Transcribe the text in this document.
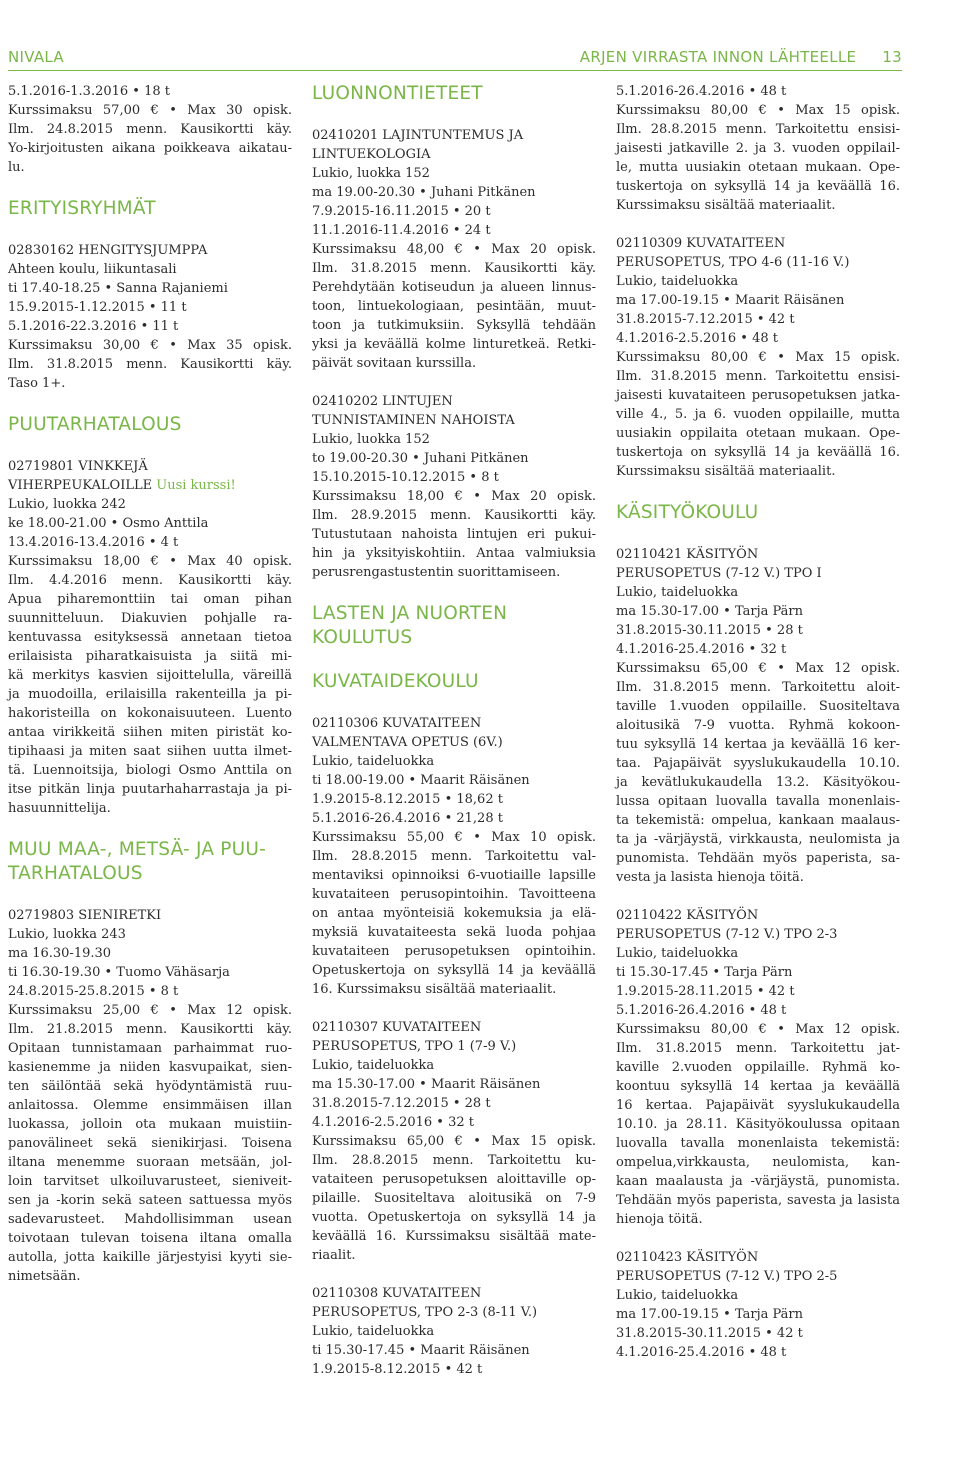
NIVALA	ARJEN VIRRASTA INNON LÄHTEELLE 13
5.1.2016-1.3.2016 • 18 t
Kurssimaksu 57,00 € • Max 30 opisk.
Ilm. 24.8.2015 menn. Kausikortti käy.
Yo-kirjoitusten aikana poikkeava aikatau-
lu.
ERITYISRYHMÄT
02830162 HENGITYSJUMPPA
Ahteen koulu, liikuntasali
ti 17.40-18.25 • Sanna Rajaniemi
15.9.2015-1.12.2015 • 11 t
5.1.2016-22.3.2016 • 11 t
Kurssimaksu 30,00 € • Max 35 opisk.
Ilm. 31.8.2015 menn. Kausikortti käy.
Taso 1+.
PUUTARHATALOUS
02719801 VINKKEJÄ
VIHERPEUKALOILLE Uusi kurssi!
Lukio, luokka 242
ke 18.00-21.00 • Osmo Anttila
13.4.2016-13.4.2016 • 4 t
Kurssimaksu 18,00 € • Max 40 opisk.
Ilm. 4.4.2016 menn. Kausikortti käy.
Apua piharemonttiin tai oman pihan
suunnitteluun. Diakuvien pohjalle ra-
kentuvassa esityksessä annetaan tietoa
erilaisista piharatkaisuista ja siitä mi-
kä merkitys kasvien sijoittelulla, väreillä
ja muodoilla, erilaisilla rakenteilla ja pi-
hakoristeilla on kokonaisuuteen. Luento
antaa virikkeitä siihen miten piristät ko-
tipihaasi ja miten saat siihen uutta ilmet-
tä. Luennoitsija, biologi Osmo Anttila on
itse pitkän linja puutarhaharrastaja ja pi-
hasuunnittelija.
MUU MAA-, METSÄ- JA PUU-
TARHATALOUS
02719803 SIENIRETKI
Lukio, luokka 243
ma 16.30-19.30
ti 16.30-19.30 • Tuomo Vähäsarja
24.8.2015-25.8.2015 • 8 t
Kurssimaksu 25,00 € • Max 12 opisk.
Ilm. 21.8.2015 menn. Kausikortti käy.
Opitaan tunnistamaan parhaimmat ruo-
kasienemme ja niiden kasvupaikat, sien-
ten säilöntää sekä hyödyntämistä ruu-
anlaitossa. Olemme ensimmäisen illan
luokassa, jolloin ota mukaan muistiin-
panovälineet sekä sienikirjasi. Toisena
iltana menemme suoraan metsään, jol-
loin tarvitset ulkoiluvarusteet, sieniveit-
sen ja -korin sekä sateen sattuessa myös
sadevarusteet. Mahdollisimman usean
toivotaan tulevan toisena iltana omalla
autolla, jotta kaikille järjestyisi kyyti sie-
nimetsään.
LUONNONTIETEET
02410201 LAJINTUNTEMUS JA
LINTUEKOLOGIA
Lukio, luokka 152
ma 19.00-20.30 • Juhani Pitkänen
7.9.2015-16.11.2015 • 20 t
11.1.2016-11.4.2016 • 24 t
Kurssimaksu 48,00 € • Max 20 opisk.
Ilm. 31.8.2015 menn. Kausikortti käy.
Perehdytään kotiseudun ja alueen linnus-
toon, lintuekologiaan, pesintään, muut-
toon ja tutkimuksiin. Syksyllä tehdään
yksi ja keväällä kolme linturetkeä. Retki-
päivät sovitaan kurssilla.
02410202 LINTUJEN
TUNNISTAMINEN NAHOISTA
Lukio, luokka 152
to 19.00-20.30 • Juhani Pitkänen
15.10.2015-10.12.2015 • 8 t
Kurssimaksu 18,00 € • Max 20 opisk.
Ilm. 28.9.2015 menn. Kausikortti käy.
Tutustutaan nahoista lintujen eri pukui-
hin ja yksityiskohtiin. Antaa valmiuksia
perusrengastustentin suorittamiseen.
LASTEN JA NUORTEN
KOULUTUS
KUVATAIDEKOULU
02110306 KUVATAITEEN
VALMENTAVA OPETUS (6V.)
Lukio, taideluokka
ti 18.00-19.00 • Maarit Räisänen
1.9.2015-8.12.2015 • 18,62 t
5.1.2016-26.4.2016 • 21,28 t
Kurssimaksu 55,00 € • Max 10 opisk.
Ilm. 28.8.2015 menn. Tarkoitettu val-
mentaviksi opinnoiksi 6-vuotiaille lapsille
kuvataiteen perusopintoihin. Tavoitteena
on antaa myönteisiä kokemuksia ja elä-
myksiä kuvataiteesta sekä luoda pohjaa
kuvataiteen perusopetuksen opintoihin.
Opetuskertoja on syksyllä 14 ja keväällä
16. Kurssimaksu sisältää materiaalit.
02110307 KUVATAITEEN
PERUSOPETUS, TPO 1 (7-9 V.)
Lukio, taideluokka
ma 15.30-17.00 • Maarit Räisänen
31.8.2015-7.12.2015 • 28 t
4.1.2016-2.5.2016 • 32 t
Kurssimaksu 65,00 € • Max 15 opisk.
Ilm. 28.8.2015 menn. Tarkoitettu ku-
vataiteen perusopetuksen aloittaville op-
pilaille. Suositeltava aloitusikä on 7-9
vuotta. Opetuskertoja on syksyllä 14 ja
keväällä 16. Kurssimaksu sisältää mate-
riaalit.
02110308 KUVATAITEEN
PERUSOPETUS, TPO 2-3 (8-11 V.)
Lukio, taideluokka
ti 15.30-17.45 • Maarit Räisänen
1.9.2015-8.12.2015 • 42 t
5.1.2016-26.4.2016 • 48 t
Kurssimaksu 80,00 € • Max 15 opisk.
Ilm. 28.8.2015 menn. Tarkoitettu ensisi-
jaisesti jatkaville 2. ja 3. vuoden oppilail-
le, mutta uusiakin otetaan mukaan. Ope-
tuskertoja on syksyllä 14 ja keväällä 16.
Kurssimaksu sisältää materiaalit.
02110309 KUVATAITEEN
PERUSOPETUS, TPO 4-6 (11-16 V.)
Lukio, taideluokka
ma 17.00-19.15 • Maarit Räisänen
31.8.2015-7.12.2015 • 42 t
4.1.2016-2.5.2016 • 48 t
Kurssimaksu 80,00 € • Max 15 opisk.
Ilm. 31.8.2015 menn. Tarkoitettu ensisi-
jaisesti kuvataiteen perusopetuksen jatka-
ville 4., 5. ja 6. vuoden oppilaille, mutta
uusiakin oppilaita otetaan mukaan. Ope-
tuskertoja on syksyllä 14 ja keväällä 16.
Kurssimaksu sisältää materiaalit.
KÄSITYÖKOULU
02110421 KÄSITYÖN
PERUSOPETUS (7-12 V.) TPO I
Lukio, taideluokka
ma 15.30-17.00 • Tarja Pärn
31.8.2015-30.11.2015 • 28 t
4.1.2016-25.4.2016 • 32 t
Kurssimaksu 65,00 € • Max 12 opisk.
Ilm. 31.8.2015 menn. Tarkoitettu aloit-
taville 1.vuoden oppilaille. Suositeltava
aloitusikä 7-9 vuotta. Ryhmä kokoon-
tuu syksyllä 14 kertaa ja keväällä 16 ker-
taa. Pajapäivät syyslukukaudella 10.10.
ja kevätlukukaudella 13.2. Käsityökou-
lussa opitaan luovalla tavalla monenlais-
ta tekemistä: ompelua, kankaan maalaus-
ta ja -värjäystä, virkkausta, neulomista ja
punomista. Tehdään myös paperista, sa-
vesta ja lasista hienoja töitä.
02110422 KÄSITYÖN
PERUSOPETUS (7-12 V.) TPO 2-3
Lukio, taideluokka
ti 15.30-17.45 • Tarja Pärn
1.9.2015-28.11.2015 • 42 t
5.1.2016-26.4.2016 • 48 t
Kurssimaksu 80,00 € • Max 12 opisk.
Ilm. 31.8.2015 menn. Tarkoitettu jat-
kaville 2.vuoden oppilaille. Ryhmä ko-
koontuu syksyllä 14 kertaa ja keväällä
16 kertaa. Pajapäivät syyslukukaudella
10.10. ja 28.11. Käsityökoulussa opitaan
luovalla tavalla monenlaista tekemistä:
ompelua,virkkausta, neulomista, kan-
kaan maalausta ja -värjäystä, punomista.
Tehdään myös paperista, savesta ja lasista
hienoja töitä.
02110423 KÄSITYÖN
PERUSOPETUS (7-12 V.) TPO 2-5
Lukio, taideluokka
ma 17.00-19.15 • Tarja Pärn
31.8.2015-30.11.2015 • 42 t
4.1.2016-25.4.2016 • 48 t
